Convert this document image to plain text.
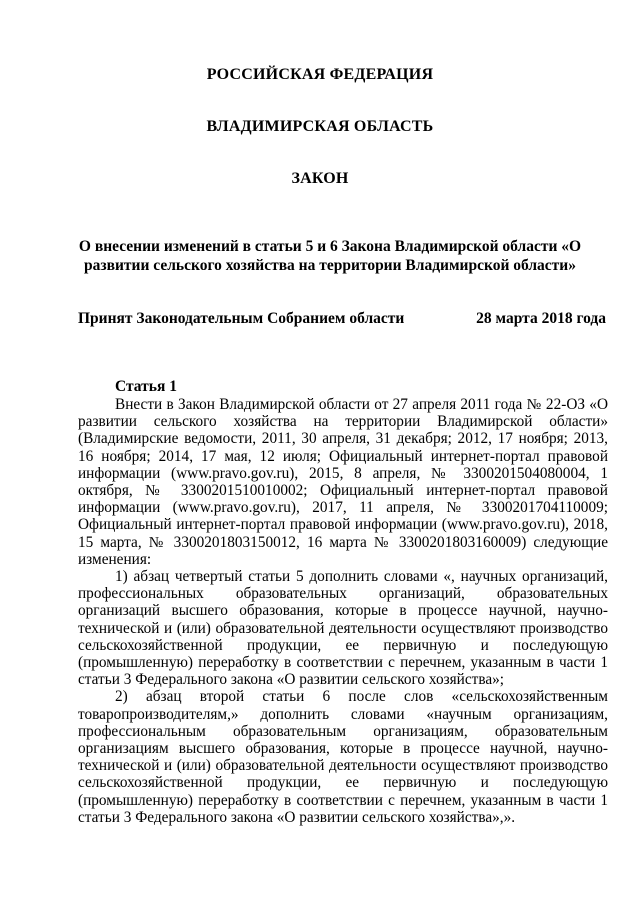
РОССИЙСКАЯ ФЕДЕРАЦИЯ
ВЛАДИМИРСКАЯ ОБЛАСТЬ
ЗАКОН
О внесении изменений в статьи 5 и 6 Закона Владимирской области «О развитии сельского хозяйства на территории Владимирской области»
Принят Законодательным Собранием области	28 марта 2018 года
Статья 1

Внести в Закон Владимирской области от 27 апреля 2011 года № 22-ОЗ «О развитии сельского хозяйства на территории Владимирской области» (Владимирские ведомости, 2011, 30 апреля, 31 декабря; 2012, 17 ноября; 2013, 16 ноября; 2014, 17 мая, 12 июля; Официальный интернет-портал правовой информации (www.pravo.gov.ru), 2015, 8 апреля, № 3300201504080004, 1 октября, № 3300201510010002; Официальный интернет-портал правовой информации (www.pravo.gov.ru), 2017, 11 апреля, № 3300201704110009; Официальный интернет-портал правовой информации (www.pravo.gov.ru), 2018, 15 марта, № 3300201803150012, 16 марта № 3300201803160009) следующие изменения:

1) абзац четвертый статьи 5 дополнить словами «, научных организаций, профессиональных образовательных организаций, образовательных организаций высшего образования, которые в процессе научной, научно-технической и (или) образовательной деятельности осуществляют производство сельскохозяйственной продукции, ее первичную и последующую (промышленную) переработку в соответствии с перечнем, указанным в части 1 статьи 3 Федерального закона «О развитии сельского хозяйства»;

2) абзац второй статьи 6 после слов «сельскохозяйственным товаропроизводителям,» дополнить словами «научным организациям, профессиональным образовательным организациям, образовательным организациям высшего образования, которые в процессе научной, научно-технической и (или) образовательной деятельности осуществляют производство сельскохозяйственной продукции, ее первичную и последующую (промышленную) переработку в соответствии с перечнем, указанным в части 1 статьи 3 Федерального закона «О развитии сельского хозяйства»,».
